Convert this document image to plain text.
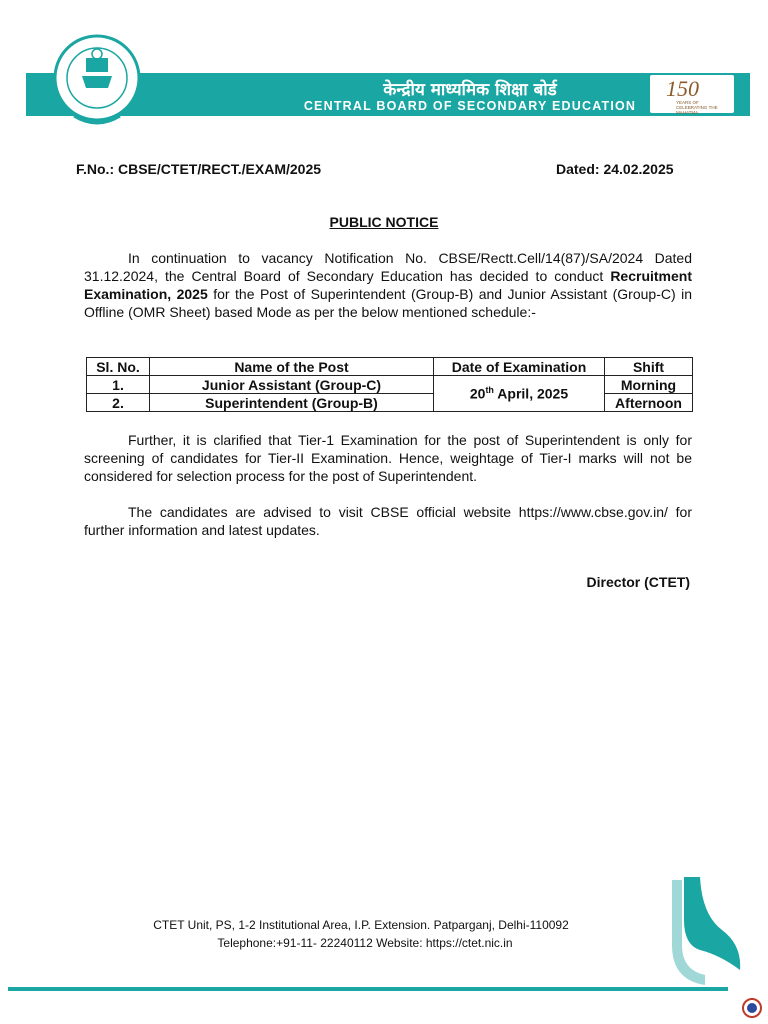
केन्द्रीय माध्यमिक शिक्षा बोर्ड
CENTRAL BOARD OF SECONDARY EDUCATION
150
YEARS OF CELEBRATING THE MAHATMA
F.No.: CBSE/CTET/RECT./EXAM/2025	Dated: 24.02.2025
PUBLIC NOTICE
In continuation to vacancy Notification No. CBSE/Rectt.Cell/14(87)/SA/2024 Dated 31.12.2024, the Central Board of Secondary Education has decided to conduct Recruitment Examination, 2025 for the Post of Superintendent (Group-B) and Junior Assistant (Group-C) in Offline (OMR Sheet) based Mode as per the below mentioned schedule:-
Sl. No.	Name of the Post	Date of Examination	Shift
1.	Junior Assistant (Group-C)	20th April, 2025	Morning
2.	Superintendent (Group-B)		Afternoon
Further, it is clarified that Tier-1 Examination for the post of Superintendent is only for screening of candidates for Tier-II Examination. Hence, weightage of Tier-I marks will not be considered for selection process for the post of Superintendent.
The candidates are advised to visit CBSE official website https://www.cbse.gov.in/ for further information and latest updates.
Director (CTET)
CTET Unit, PS, 1-2 Institutional Area, I.P. Extension. Patparganj, Delhi-110092
Telephone:+91-11- 22240112 Website: https://ctet.nic.in
